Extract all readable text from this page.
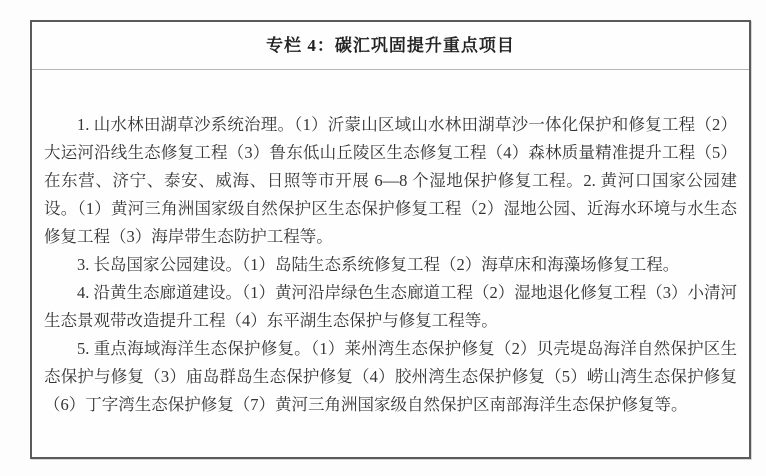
专栏 4：碳汇巩固提升重点项目

1. 山水林田湖草沙系统治理。（1）沂蒙山区域山水林田湖草沙一体化保护和修复工程（2）大运河沿线生态修复工程（3）鲁东低山丘陵区生态修复工程（4）森林质量精准提升工程（5）在东营、济宁、泰安、威海、日照等市开展 6—8 个湿地保护修复工程。2. 黄河口国家公园建设。（1）黄河三角洲国家级自然保护区生态保护修复工程（2）湿地公园、近海水环境与水生态修复工程（3）海岸带生态防护工程等。

3. 长岛国家公园建设。（1）岛陆生态系统修复工程（2）海草床和海藻场修复工程。

4. 沿黄生态廊道建设。（1）黄河沿岸绿色生态廊道工程（2）湿地退化修复工程（3）小清河生态景观带改造提升工程（4）东平湖生态保护与修复工程等。

5. 重点海域海洋生态保护修复。（1）莱州湾生态保护修复（2）贝壳堤岛海洋自然保护区生态保护与修复（3）庙岛群岛生态保护修复（4）胶州湾生态保护修复（5）崂山湾生态保护修复（6）丁字湾生态保护修复（7）黄河三角洲国家级自然保护区南部海洋生态保护修复等。
